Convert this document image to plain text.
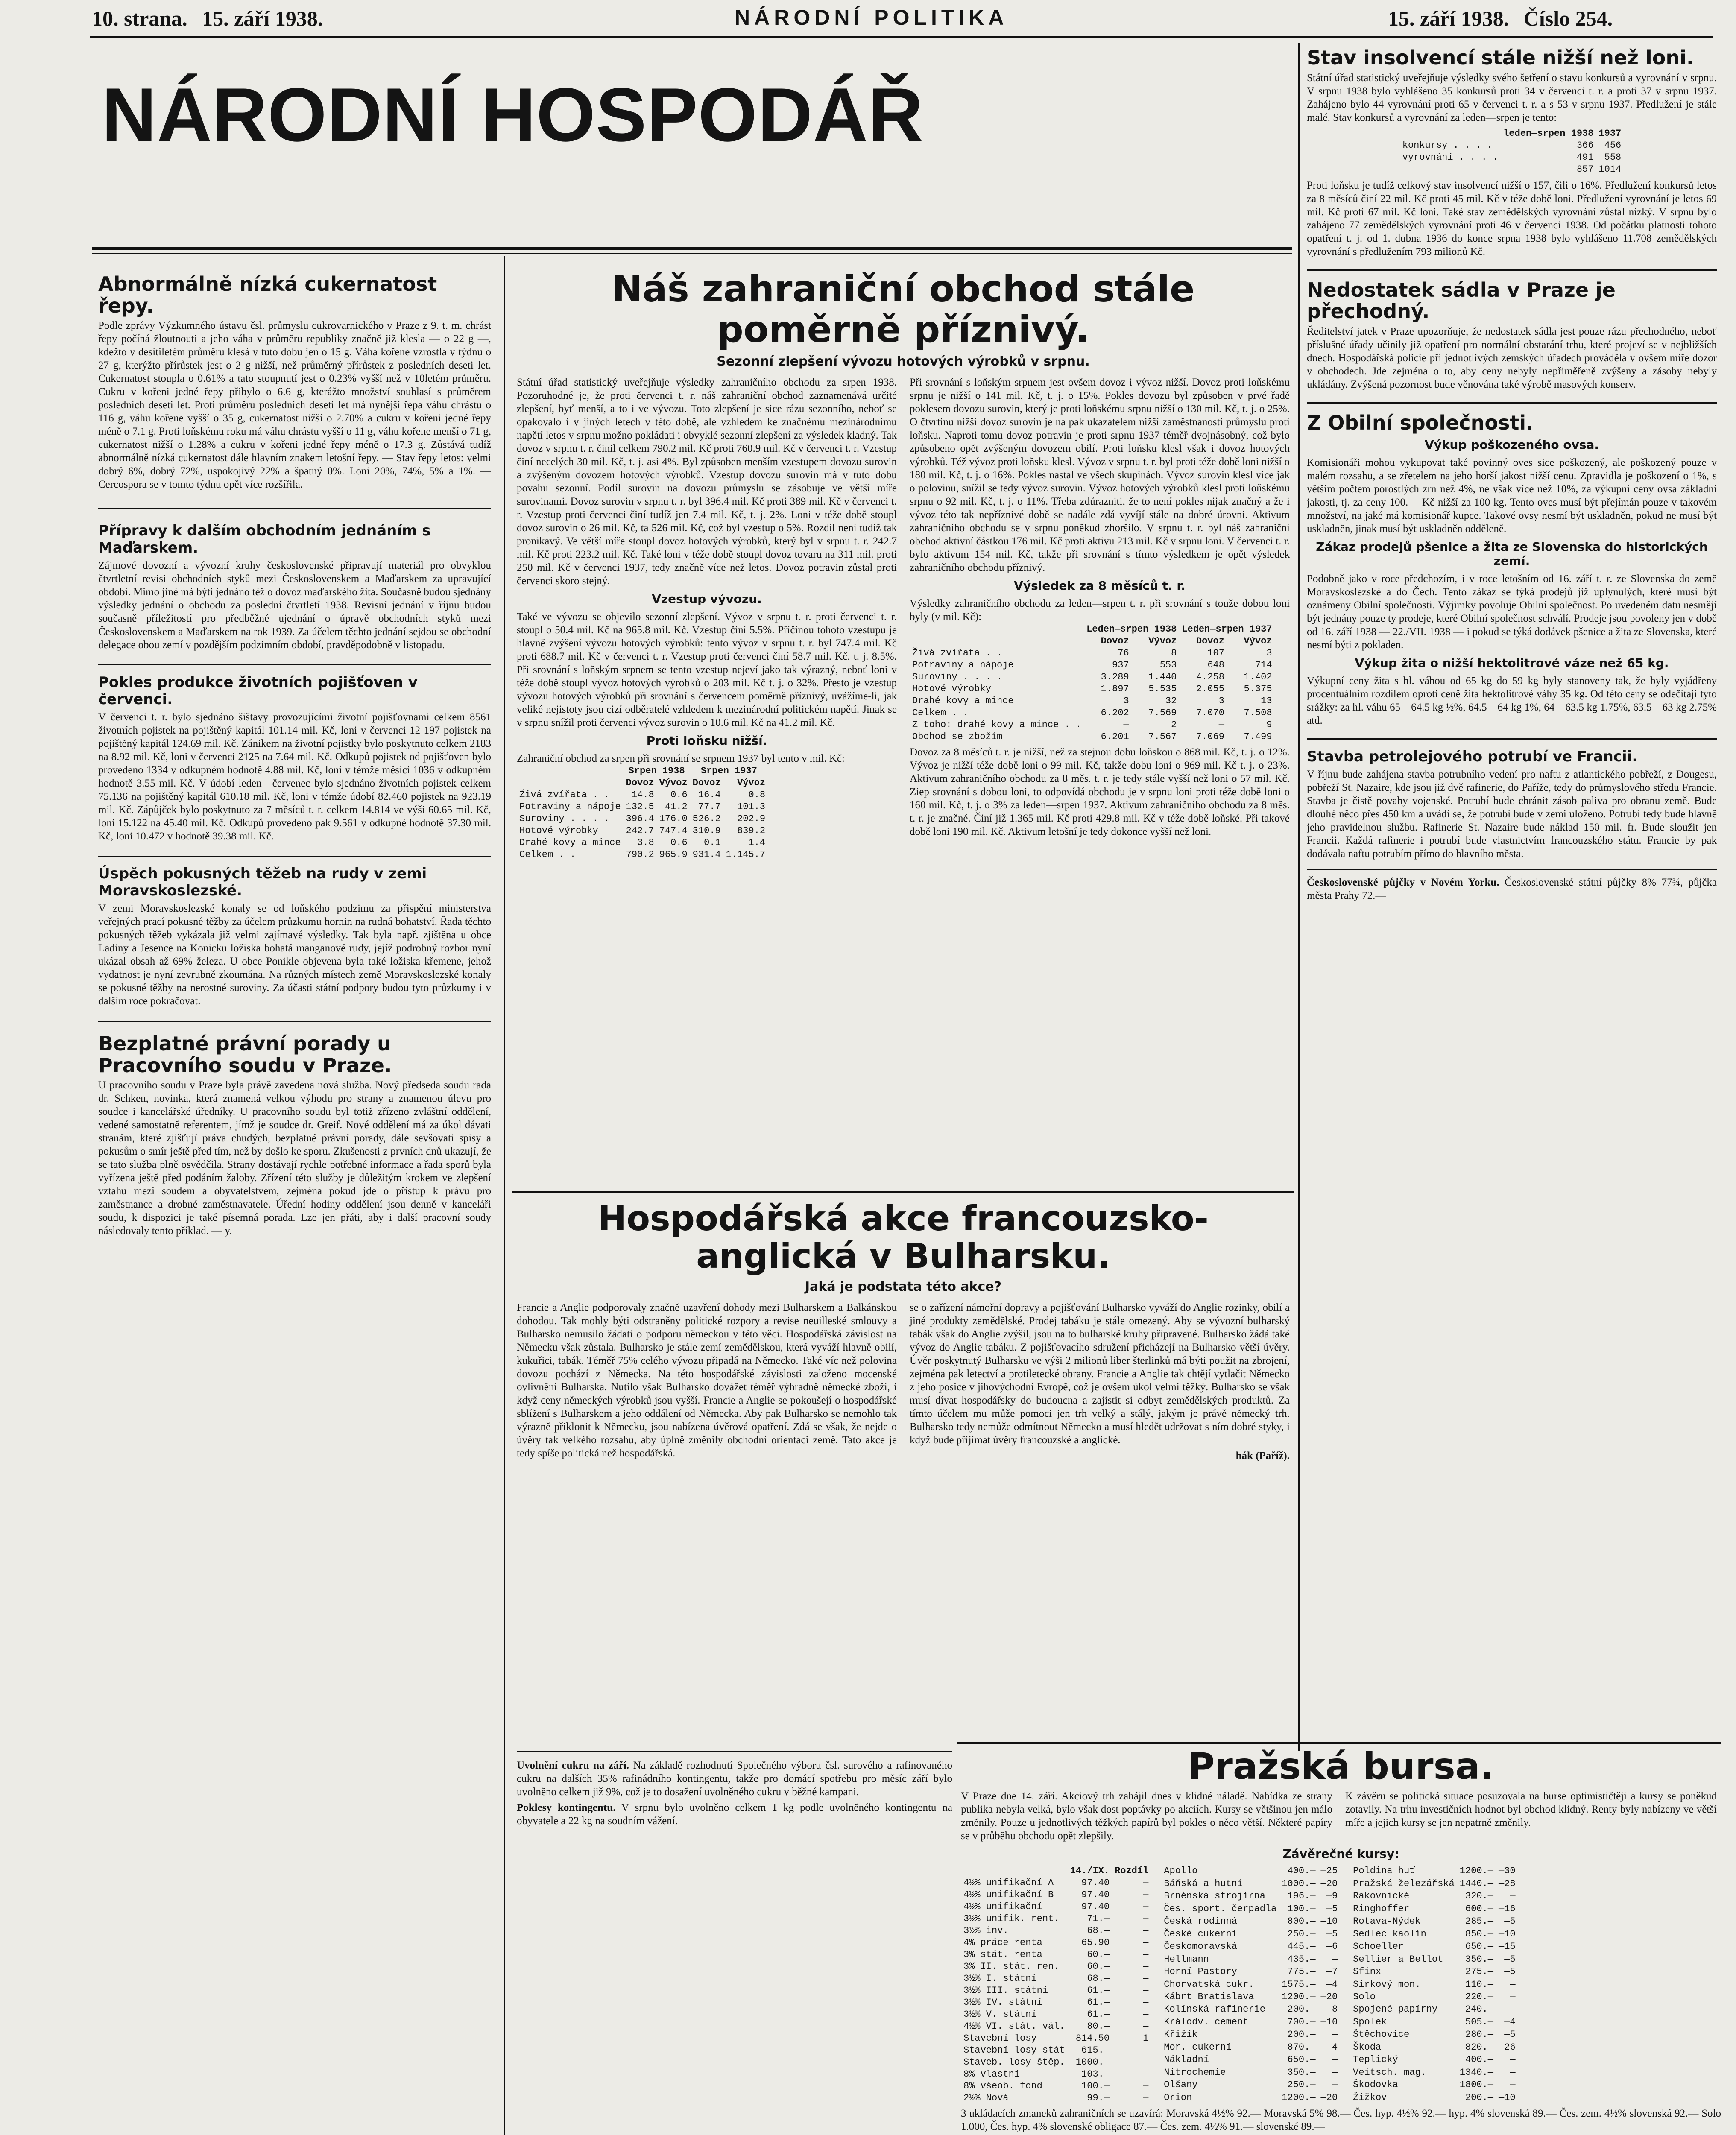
10. strana. 15. září 1938.	NÁRODNÍ POLITIKA	15. září 1938. Číslo 254.
NÁRODNÍ HOSPODÁŘ
Abnormálně nízká cukernatost řepy.

Podle zprávy Výzkumného ústavu čsl. průmyslu cukrovarnického v Praze z 9. t. m. chrást řepy počíná žloutnouti a jeho váha v průměru republiky značně již klesla — o 22 g —, kdežto v desítiletém průměru klesá v tuto dobu jen o 15 g. Váha kořene vzrostla v týdnu o 27 g, kterýžto přírůstek jest o 2 g nižší, než průměrný přírůstek z posledních deseti let. Cukernatost stoupla o 0.61% a tato stoupnutí jest o 0.23% vyšší než v 10letém průměru. Cukru v kořeni jedné řepy přibylo o 6.6 g, kterážto množství souhlasí s průměrem posledních deseti let. Proti průměru posledních deseti let má nynější řepa váhu chrástu o 116 g, váhu kořene vyšší o 35 g, cukernatost nižší o 2.70% a cukru v kořeni jedné řepy méně o 7.1 g. Proti loňskému roku má váhu chrástu vyšší o 11 g, váhu kořene menší o 71 g, cukernatost nižší o 1.28% a cukru v kořeni jedné řepy méně o 17.3 g. Zůstává tudíž abnormálně nízká cukernatost dále hlavním znakem letošní řepy. — Stav řepy letos: velmi dobrý 6%, dobrý 72%, uspokojivý 22% a špatný 0%. Loni 20%, 74%, 5% a 1%. — Cercospora se v tomto týdnu opět více rozšířila.

Přípravy k dalším obchodním jednáním s Maďarskem.

Zájmové dovozní a vývozní kruhy československé připravují materiál pro obvyklou čtvrtletní revisi obchodních styků mezi Československem a Maďarskem za upravující období. Mimo jiné má býti jednáno též o dovoz maďarského žita. Současně budou sjednány výsledky jednání o obchodu za poslední čtvrtletí 1938. Revisní jednání v říjnu budou současně příležitostí pro předběžné ujednání o úpravě obchodních styků mezi Československem a Maďarskem na rok 1939. Za účelem těchto jednání sejdou se obchodní delegace obou zemí v pozdějším podzimním období, pravděpodobně v listopadu.

Pokles produkce životních pojišťoven v červenci.

V červenci t. r. bylo sjednáno šištavy provozujícími životní pojišťovnami celkem 8561 životních pojistek na pojištěný kapitál 101.14 mil. Kč, loni v červenci 12 197 pojistek na pojištěný kapitál 124.69 mil. Kč. Zánikem na životní pojistky bylo poskytnuto celkem 2183 na 8.92 mil. Kč, loni v červenci 2125 na 7.64 mil. Kč. Odkupů pojistek od pojišťoven bylo provedeno 1334 v odkupném hodnotě 4.88 mil. Kč, loni v témže měsíci 1036 v odkupném hodnotě 3.55 mil. Kč. V údobí leden—červenec bylo sjednáno životních pojistek celkem 75.136 na pojištěný kapitál 610.18 mil. Kč, loni v témže údobí 82.460 pojistek na 923.19 mil. Kč. Zápůjček bylo poskytnuto za 7 měsíců t. r. celkem 14.814 ve výši 60.65 mil. Kč, loni 15.122 na 45.40 mil. Kč. Odkupů provedeno pak 9.561 v odkupné hodnotě 37.30 mil. Kč, loni 10.472 v hodnotě 39.38 mil. Kč.

Úspěch pokusných těžeb na rudy v zemi Moravskoslezské.

V zemi Moravskoslezské konaly se od loňského podzimu za přispění ministerstva veřejných prací pokusné těžby za účelem průzkumu hornin na rudná bohatství. Řada těchto pokusných těžeb vykázala již velmi zajímavé výsledky. Tak byla např. zjištěna u obce Ladiny a Jesence na Konicku ložiska bohatá manganové rudy, jejíž podrobný rozbor nyní ukázal obsah až 69% železa. U obce Ponikle objevena byla také ložiska křemene, jehož vydatnost je nyní zevrubně zkoumána. Na různých místech země Moravskoslezské konaly se pokusné těžby na nerostné suroviny. Za účasti státní podpory budou tyto průzkumy i v dalším roce pokračovat.

Bezplatné právní porady u Pracovního soudu v Praze.

U pracovního soudu v Praze byla právě zavedena nová služba. Nový předseda soudu rada dr. Schken, novinka, která znamená velkou výhodu pro strany a znamenou úlevu pro soudce i kancelářské úředníky. U pracovního soudu byl totiž zřízeno zvláštní oddělení, vedené samostatně referentem, jímž je soudce dr. Greif. Nové oddělení má za úkol dávati stranám, které zjišťují práva chudých, bezplatné právní porady, dále sevšovati spisy a pokusům o smír ještě před tím, než by došlo ke sporu. Zkušenosti z prvních dnů ukazují, že se tato služba plně osvědčila. Strany dostávají rychle potřebné informace a řada sporů byla vyřízena ještě před podáním žaloby. Zřízení této služby je důležitým krokem ve zlepšení vztahu mezi soudem a obyvatelstvem, zejména pokud jde o přístup k právu pro zaměstnance a drobné zaměstnavatele. Úřední hodiny oddělení jsou denně v kanceláři soudu, k dispozici je také písemná porada. Lze jen přáti, aby i další pracovní soudy následovaly tento příklad. — y.

Náš zahraniční obchod stále
poměrně příznivý.
Sezonní zlepšení vývozu hotových výrobků v srpnu.

Státní úřad statistický uveřejňuje výsledky zahraničního obchodu za srpen 1938. Pozoruhodné je, že proti červenci t. r. náš zahraniční obchod zaznamenává určité zlepšení, byť menší, a to i ve vývozu. Toto zlepšení je sice rázu sezonního, neboť se opakovalo i v jiných letech v této době, ale vzhledem ke značnému mezinárodnímu napětí letos v srpnu možno pokládati i obvyklé sezonní zlepšení za výsledek kladný. Tak dovoz v srpnu t. r. činil celkem 790.2 mil. Kč proti 760.9 mil. Kč v červenci t. r. Vzestup činí necelých 30 mil. Kč, t. j. asi 4%. Byl způsoben menším vzestupem dovozu surovin a zvýšeným dovozem hotových výrobků. Vzestup dovozu surovin má v tuto dobu povahu sezonní. Podíl surovin na dovozu průmyslu se zásobuje ve větší míře surovinami. Dovoz surovin v srpnu t. r. byl 396.4 mil. Kč proti 389 mil. Kč v červenci t. r. Vzestup proti červenci činí tudíž jen 7.4 mil. Kč, t. j. 2%. Loni v téže době stoupl dovoz surovin o 26 mil. Kč, ta 526 mil. Kč, což byl vzestup o 5%. Rozdíl není tudíž tak pronikavý. Ve větší míře stoupl dovoz hotových výrobků, který byl v srpnu t. r. 242.7 mil. Kč proti 223.2 mil. Kč. Také loni v téže době stoupl dovoz tovaru na 311 mil. proti 250 mil. Kč v červenci 1937, tedy značně více než letos. Dovoz potravin zůstal proti červenci skoro stejný.

Vzestup vývozu.

Také ve vývozu se objevilo sezonní zlepšení. Vývoz v srpnu t. r. proti červenci t. r. stoupl o 50.4 mil. Kč na 965.8 mil. Kč. Vzestup činí 5.5%. Příčinou tohoto vzestupu je hlavně zvýšení vývozu hotových výrobků: tento vývoz v srpnu t. r. byl 747.4 mil. Kč proti 688.7 mil. Kč v červenci t. r. Vzestup proti červenci činí 58.7 mil. Kč, t. j. 8.5%. Při srovnání s loňským srpnem se tento vzestup nejeví jako tak výrazný, neboť loni v téže době stoupl vývoz hotových výrobků o 203 mil. Kč t. j. o 32%. Přesto je vzestup vývozu hotových výrobků při srovnání s červencem poměrně příznivý, uvážíme-li, jak veliké nejistoty jsou cizí odběratelé vzhledem k mezinárodní politickém napětí. Jinak se v srpnu snížil proti červenci vývoz surovin o 10.6 mil. Kč na 41.2 mil. Kč.

Proti loňsku nižší.

Zahraniční obchod za srpen při srovnání se srpnem 1937 byl tento v mil. Kč:

	Srpen 1938		Srpen 1937	
	Dovoz	Vývoz	Dovoz	Vývoz
Živá zvířata . .	14.8	0.6	16.4	0.8
Potraviny a nápoje	132.5	41.2	77.7	101.3
Suroviny . . . .	396.4	176.0	526.2	202.9
Hotové výrobky	242.7	747.4	310.9	839.2
Drahé kovy a mince	3.8	0.6	0.1	1.4
Celkem . .	790.2	965.9	931.4	1.145.7

Při srovnání s loňským srpnem jest ovšem dovoz i vývoz nižší. Dovoz proti loňskému srpnu je nižší o 141 mil. Kč, t. j. o 15%. Pokles dovozu byl způsoben v prvé řadě poklesem dovozu surovin, který je proti loňskému srpnu nižší o 130 mil. Kč, t. j. o 25%. O čtvrtinu nižší dovoz surovin je na pak ukazatelem nižší zaměstnanosti průmyslu proti loňsku. Naproti tomu dovoz potravin je proti srpnu 1937 téměř dvojnásobný, což bylo způsobeno opět zvýšeným dovozem obilí. Proti loňsku klesl však i dovoz hotových výrobků. Též vývoz proti loňsku klesl. Vývoz v srpnu t. r. byl proti téže době loni nižší o 180 mil. Kč, t. j. o 16%. Pokles nastal ve všech skupinách. Vývoz surovin klesl více jak o polovinu, snížil se tedy vývoz surovin. Vývoz hotových výrobků klesl proti loňskému srpnu o 92 mil. Kč, t. j. o 11%. Třeba zdůrazniti, že to není pokles nijak značný a že i vývoz této tak nepříznivé době se nadále zdá vyvíjí stále na dobré úrovni. Aktivum zahraničního obchodu se v srpnu poněkud zhoršilo. V srpnu t. r. byl náš zahraniční obchod aktivní částkou 176 mil. Kč proti aktivu 213 mil. Kč v srpnu loni. V červenci t. r. bylo aktivum 154 mil. Kč, takže při srovnání s tímto výsledkem je opět výsledek zahraničního obchodu příznivý.

Výsledek za 8 měsíců t. r.

Výsledky zahraničního obchodu za leden—srpen t. r. při srovnání s touže dobou loni byly (v mil. Kč):

	Leden—srpen 1938		Leden—srpen 1937	
	Dovoz	Vývoz	Dovoz	Vývoz
Živá zvířata . .	76	8	107	3
Potraviny a nápoje	937	553	648	714
Suroviny . . . .	3.289	1.440	4.258	1.402
Hotové výrobky	1.897	5.535	2.055	5.375
Drahé kovy a mince	3	32	3	13
Celkem . .	6.202	7.569	7.070	7.508
Z toho: drahé kovy a mince . .	—	2	—	9
Obchod se zbožím	6.201	7.567	7.069	7.499

Dovoz za 8 měsíců t. r. je nižší, než za stejnou dobu loňskou o 868 mil. Kč, t. j. o 12%. Vývoz je nižší téže době loni o 99 mil. Kč, takže dobu loni o 969 mil. Kč t. j. o 23%. Aktivum zahraničního obchodu za 8 měs. t. r. je tedy stále vyšší než loni o 57 mil. Kč. Ziep srovnání s dobou loni, to odpovídá obchodu je v srpnu loni proti téže době loni o 160 mil. Kč, t. j. o 3% za leden—srpen 1937. Aktivum zahraničního obchodu za 8 měs. t. r. je značné. Činí již 1.365 mil. Kč proti 429.8 mil. Kč v téže době loňské. Při takové době loni 190 mil. Kč. Aktivum letošní je tedy dokonce vyšší než loni.

Hospodářská akce francouzsko-
anglická v Bulharsku.
Jaká je podstata této akce?

Francie a Anglie podporovaly značně uzavření dohody mezi Bulharskem a Balkánskou dohodou. Tak mohly býti odstraněny politické rozpory a revise neuilleské smlouvy a Bulharsko nemusilo žádati o podporu německou v této věci. Hospodářská závislost na Německu však zůstala. Bulharsko je stále zemí zemědělskou, která vyváží hlavně obilí, kukuřici, tabák. Téměř 75% celého vývozu připadá na Německo. Také víc než polovina dovozu pochází z Německa. Na této hospodářské závislosti založeno mocenské ovlivnění Bulharska. Nutilo však Bulharsko dovážet téměř výhradně německé zboží, i když ceny německých výrobků jsou vyšší. Francie a Anglie se pokoušejí o hospodářské sblížení s Bulharskem a jeho oddálení od Německa. Aby pak Bulharsko se nemohlo tak výrazně přiklonit k Německu, jsou nabízena úvěrová opatření. Zdá se však, že nejde o úvěry tak velkého rozsahu, aby úplně změnily obchodní orientaci země. Tato akce je tedy spíše politická než hospodářská.

se o zařízení námořní dopravy a pojišťování Bulharsko vyváží do Anglie rozinky, obilí a jiné produkty zemědělské. Prodej tabáku je stále omezený. Aby se vývozní bulharský tabák však do Anglie zvýšil, jsou na to bulharské kruhy připravené. Bulharsko žádá také vývoz do Anglie tabáku. Z pojišťovacího sdružení přicházejí na Bulharsko větší úvěry. Úvěr poskytnutý Bulharsku ve výši 2 milionů liber šterlinků má býti použit na zbrojení, zejména pak letectví a protiletecké obrany. Francie a Anglie tak chtějí vytlačit Německo z jeho posice v jihovýchodní Evropě, což je ovšem úkol velmi těžký. Bulharsko se však musí dívat hospodářsky do budoucna a zajistit si odbyt zemědělských produktů. Za tímto účelem mu může pomoci jen trh velký a stálý, jakým je právě německý trh. Bulharsko tedy nemůže odmítnout Německo a musí hledět udržovat s ním dobré styky, i když bude přijímat úvěry francouzské a anglické.

hák (Paříž).

Uvolnění cukru na září. Na základě rozhodnutí Společného výboru čsl. surového a rafinovaného cukru na dalších 35% rafinádního kontingentu, takže pro domácí spotřebu pro měsíc září bylo uvolněno celkem již 9%, což je to dosažení uvolněného cukru v běžné kampani.

Poklesy kontingentu. V srpnu bylo uvolněno celkem 1 kg podle uvolněného kontingentu na obyvatele a 22 kg na soudním vážení.

Pražská bursa.

V Praze dne 14. září. Akciový trh zahájil dnes v klidné náladě. Nabídka ze strany publika nebyla velká, bylo však dost poptávky po akciích. Kursy se většinou jen málo změnily. Pouze u jednotlivých těžkých papírů byl pokles o něco větší. Některé papíry se v průběhu obchodu opět zlepšily.

K závěru se politická situace posuzovala na burse optimističtěji a kursy se poněkud zotavily. Na trhu investičních hodnot byl obchod klidný. Renty byly nabízeny ve větší míře a jejich kursy se jen nepatrně změnily.

Závěrečné kursy:
	14./IX.	Rozdíl
4½% unifikační A	97.40	—
4½% unifikační B	97.40	—
4½% unifikační	97.40	—
3½% unifik. rent.	71.—	—
3½% inv.	68.—	—
4% práce renta	65.90	—
3% stát. renta	60.—	—
3% II. stát. ren.	60.—	—
3½% I. státní	68.—	—
3½% III. státní	61.—	—
3½% IV. státní	61.—	—
3½% V. státní	61.—	—
4½% VI. stát. vál.	80.—	—
Stavební losy	814.50	—1
Stavební losy stát	615.—	—
Staveb. losy štěp.	1000.—	—
8% vlastní	103.—	—
8% všeob. fond	100.—	—
2½% Nová	99.—	—
Apollo	400.—	—25
Báňská a hutní	1000.—	—20
Brněnská strojírna	196.—	—9
Čes. sport. čerpadla	100.—	—5
Česká rodinná	800.—	—10
České cukerní	250.—	—5
Českomoravská	445.—	—6
Hellmann	435.—	—
Horní Pastory	775.—	—7
Chorvatská cukr.	1575.—	—4
Kábrt Bratislava	1200.—	—20
Kolínská rafinerie	200.—	—8
Králodv. cement	700.—	—10
Křižík	200.—	—
Mor. cukerní	870.—	—4
Nákladní	650.—	—
Nitrochemie	350.—	—
Olšany	250.—	—
Orion	1200.—	—20
Poldina huť	1200.—	—30
Pražská železářská	1440.—	—28
Rakovnické	320.—	—
Ringhoffer	600.—	—16
Rotava-Nýdek	285.—	—5
Sedlec kaolín	850.—	—10
Schoeller	650.—	—15
Sellier a Bellot	350.—	—5
Sfinx	275.—	—5
Sirkový mon.	110.—	—
Solo	220.—	—
Spojené papírny	240.—	—
Spolek	505.—	—4
Štěchovice	280.—	—5
Škoda	820.—	—26
Teplický	400.—	—
Veitsch. mag.	1340.—	—
Škodovka	1800.—	—
Žižkov	200.—	—10

3 ukládacích zmaneků zahraničních se uzavírá: Moravská 4½% 92.— Moravská 5% 98.— Čes. hyp. 4½% 92.— hyp. 4% slovenská 89.— Čes. zem. 4½% slovenská 92.— Solo 1.000, Čes. hyp. 4% slovenské obligace 87.— Čes. zem. 4½% 91.— slovenské 89.—

Stav insolvencí stále nižší než loni.

Státní úřad statistický uveřejňuje výsledky svého šetření o stavu konkursů a vyrovnání v srpnu. V srpnu 1938 bylo vyhlášeno 35 konkursů proti 34 v červenci t. r. a proti 37 v srpnu 1937. Zahájeno bylo 44 vyrovnání proti 65 v červenci t. r. a s 53 v srpnu 1937. Předlužení je stále malé. Stav konkursů a vyrovnání za leden—srpen je tento:

	leden—srpen 1938	1937
konkursy . . . .	366	456
vyrovnání . . . .	491	558
	857	1014

Proti loňsku je tudíž celkový stav insolvencí nižší o 157, čili o 16%. Předlužení konkursů letos za 8 měsíců činí 22 mil. Kč proti 45 mil. Kč v téže době loni. Předlužení vyrovnání je letos 69 mil. Kč proti 67 mil. Kč loni. Také stav zemědělských vyrovnání zůstal nízký. V srpnu bylo zahájeno 77 zemědělských vyrovnání proti 46 v červenci 1938. Od počátku platnosti tohoto opatření t. j. od 1. dubna 1936 do konce srpna 1938 bylo vyhlášeno 11.708 zemědělských vyrovnání s předlužením 793 milionů Kč.

Nedostatek sádla v Praze je přechodný.

Ředitelství jatek v Praze upozorňuje, že nedostatek sádla jest pouze rázu přechodného, neboť příslušné úřady učinily již opatření pro normální obstarání trhu, které projeví se v nejbližších dnech. Hospodářská policie při jednotlivých zemských úřadech prováděla v ovšem míře dozor v obchodech. Jde zejména o to, aby ceny nebyly nepřiměřeně zvýšeny a zásoby nebyly ukládány. Zvýšená pozornost bude věnována také výrobě masových konserv.

Z Obilní společnosti.
Výkup poškozeného ovsa.

Komisionáři mohou vykupovat také povinný oves sice poškozený, ale poškozený pouze v malém rozsahu, a se zřetelem na jeho horší jakost nižší cenu. Zpravidla je poškození o 1%, s větším počtem porostlých zrn než 4%, ne však více než 10%, za výkupní ceny ovsa základní jakosti, tj. za ceny 100.— Kč nižší za 100 kg. Tento oves musí být přejímán pouze v takovém množství, na jaké má komisionář kupce. Takové ovsy nesmí být uskladněn, pokud ne musí být uskladněn, jinak musí být uskladněn odděleně.

Zákaz prodejů pšenice a žita ze Slovenska do historických zemí.

Podobně jako v roce předchozím, i v roce letošním od 16. září t. r. ze Slovenska do země Moravskoslezské a do Čech. Tento zákaz se týká prodejů již uplynulých, které musí být oznámeny Obilní společnosti. Výjimky povoluje Obilní společnost. Po uvedeném datu nesmějí být jednány pouze ty prodeje, které Obilní společnost schválí. Prodeje jsou povoleny jen v době od 16. září 1938 — 22./VII. 1938 — i pokud se týká dodávek pšenice a žita ze Slovenska, které nesmí býti z pokladen.

Výkup žita o nižší hektolitrové váze než 65 kg.

Výkupní ceny žita s hl. váhou od 65 kg do 59 kg byly stanoveny tak, že byly vyjádřeny procentuálním rozdílem oproti ceně žita hektolitrové váhy 35 kg. Od této ceny se odečítají tyto srážky: za hl. váhu 65—64.5 kg ½%, 64.5—64 kg 1%, 64—63.5 kg 1.75%, 63.5—63 kg 2.75% atd.

Stavba petrolejového potrubí ve Francii.

V říjnu bude zahájena stavba potrubního vedení pro naftu z atlantického pobřeží, z Dougesu, pobřeží St. Nazaire, kde jsou již dvě rafinerie, do Paříže, tedy do průmyslového středu Francie. Stavba je čistě povahy vojenské. Potrubí bude chránit zásob paliva pro obranu země. Bude dlouhé něco přes 450 km a uvádí se, že potrubí bude v zemi uloženo. Potrubí tedy bude hlavně jeho pravidelnou službu. Rafinerie St. Nazaire bude náklad 150 mil. fr. Bude sloužit jen Francii. Každá rafinerie i potrubí bude vlastnictvím francouzského státu. Francie by pak dodávala naftu potrubím přímo do hlavního města.

Československé půjčky v Novém Yorku. Československé státní půjčky 8% 77¾, půjčka města Prahy 72.—
